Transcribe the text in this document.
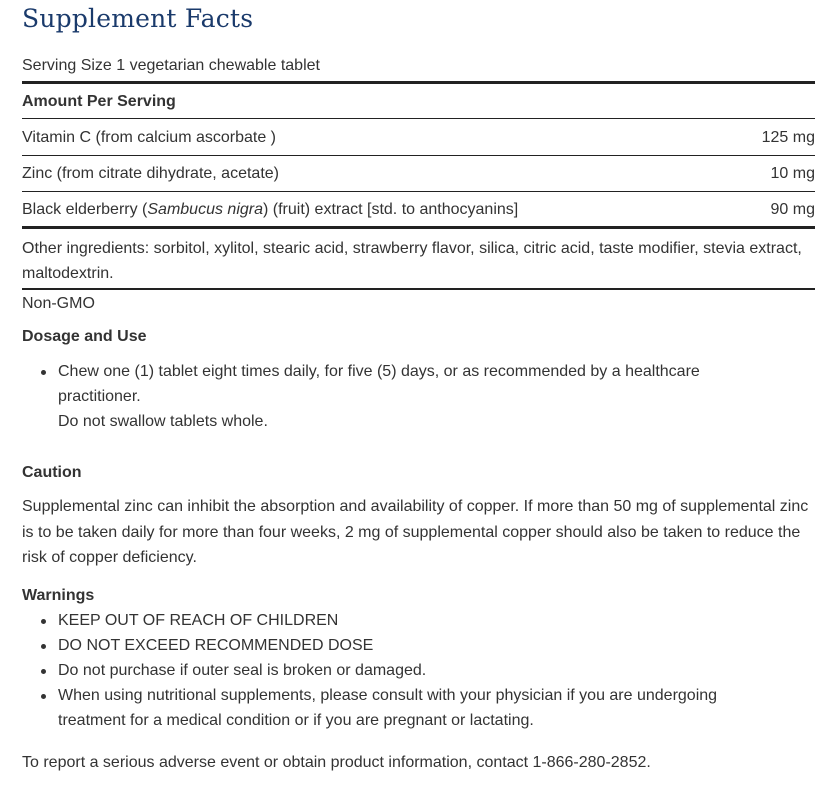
Supplement Facts
Serving Size 1 vegetarian chewable tablet
Amount Per Serving
Vitamin C (from calcium ascorbate )	125 mg
Zinc (from citrate dihydrate, acetate)	10 mg
Black elderberry (Sambucus nigra) (fruit) extract [std. to anthocyanins]	90 mg
Other ingredients: sorbitol, xylitol, stearic acid, strawberry flavor, silica, citric acid, taste modifier, stevia extract, maltodextrin.
Non-GMO
Dosage and Use
Chew one (1) tablet eight times daily, for five (5) days, or as recommended by a healthcare practitioner.
Do not swallow tablets whole.
Caution
Supplemental zinc can inhibit the absorption and availability of copper. If more than 50 mg of supplemental zinc is to be taken daily for more than four weeks, 2 mg of supplemental copper should also be taken to reduce the risk of copper deficiency.
Warnings
KEEP OUT OF REACH OF CHILDREN
DO NOT EXCEED RECOMMENDED DOSE
Do not purchase if outer seal is broken or damaged.
When using nutritional supplements, please consult with your physician if you are undergoing treatment for a medical condition or if you are pregnant or lactating.
To report a serious adverse event or obtain product information, contact 1-866-280-2852.
